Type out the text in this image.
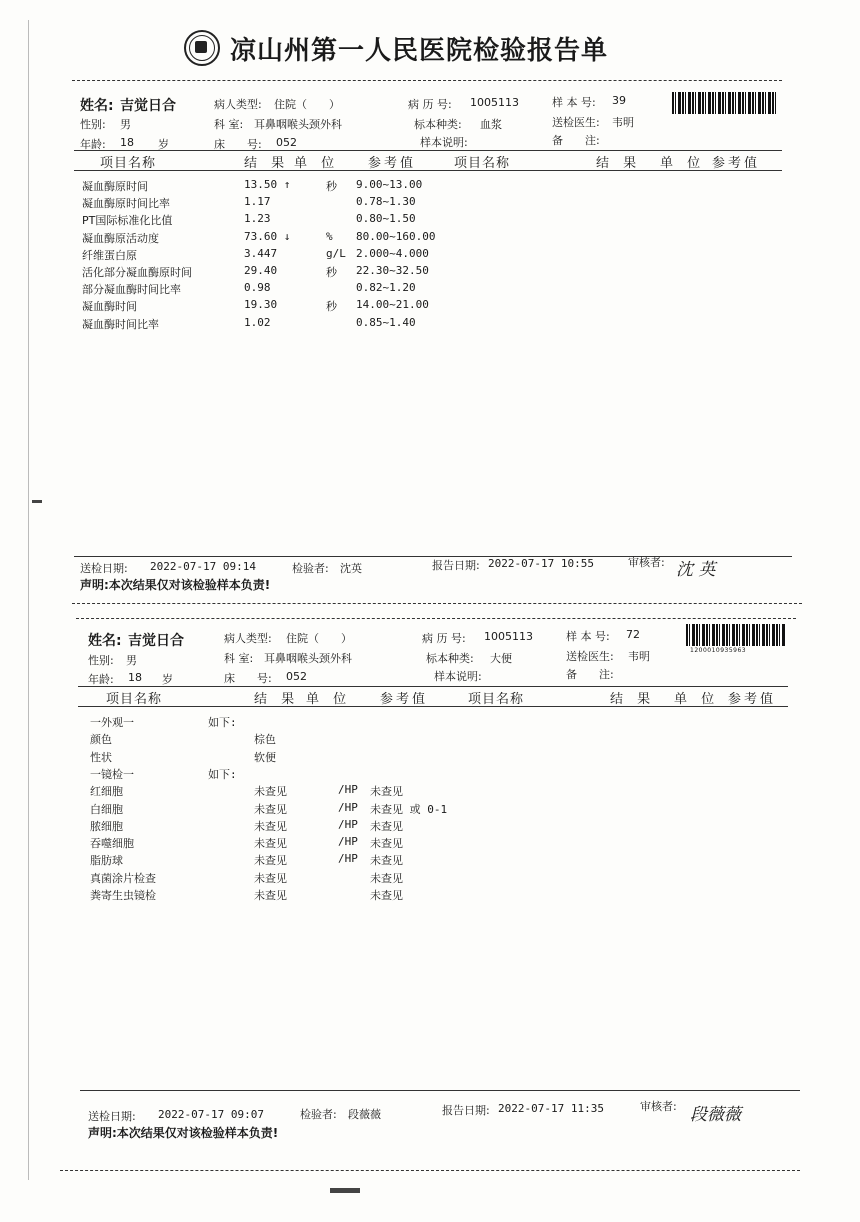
凉山州第一人民医院检验报告单
姓名: 吉觉日合
性别: 男
年龄: 18 岁
病人类型: 住院（　　）
科 室: 耳鼻咽喉头颈外科
床　　号: 052
病 历 号: 1005113
标本种类: 血浆
样本说明:
样 本 号: 39
送检医生: 韦明
备　　注:
项目名称	结 果 单 位 参考值	项目名称	结 果 单 位 参考值
凝血酶原时间	13.50 ↑	秒 9.00~13.00
凝血酶原时间比率	1.17	0.78~1.30
PT国际标准化比值	1.23	0.80~1.50
凝血酶原活动度	73.60 ↓	% 80.00~160.00
纤维蛋白原	3.447	g/L 2.000~4.000
活化部分凝血酶原时间	29.40	秒 22.30~32.50
部分凝血酶时间比率	0.98	0.82~1.20
凝血酶时间	19.30	秒 14.00~21.00
凝血酶时间比率	1.02	0.85~1.40
送检日期: 2022-07-17 09:14	检验者: 沈英	报告日期: 2022-07-17 10:55	审核者: 沈 英
声明:本次结果仅对该检验样本负责!
姓名: 吉觉日合
性别: 男
年龄: 18 岁
病人类型: 住院（　　）
科 室: 耳鼻咽喉头颈外科
床　　号: 052
病 历 号: 1005113
标本种类: 大便
样本说明:
样 本 号: 72
送检医生: 韦明
备　　注:
1200010935963
项目名称	结 果 单 位 参考值	项目名称	结 果 单 位 参考值
一外观一	如下:
颜色	棕色
性状	软便
一镜检一	如下:
红细胞	未查见	/HP 未查见
白细胞	未查见	/HP 未查见 或 0-1
脓细胞	未查见	/HP 未查见
吞噬细胞	未查见	/HP 未查见
脂肪球	未查见	/HP 未查见
真菌涂片检查	未查见	未查见
粪寄生虫镜检	未查见	未查见
送检日期: 2022-07-17 09:07	检验者: 段薇薇	报告日期: 2022-07-17 11:35	审核者: 段薇薇
声明:本次结果仅对该检验样本负责!
